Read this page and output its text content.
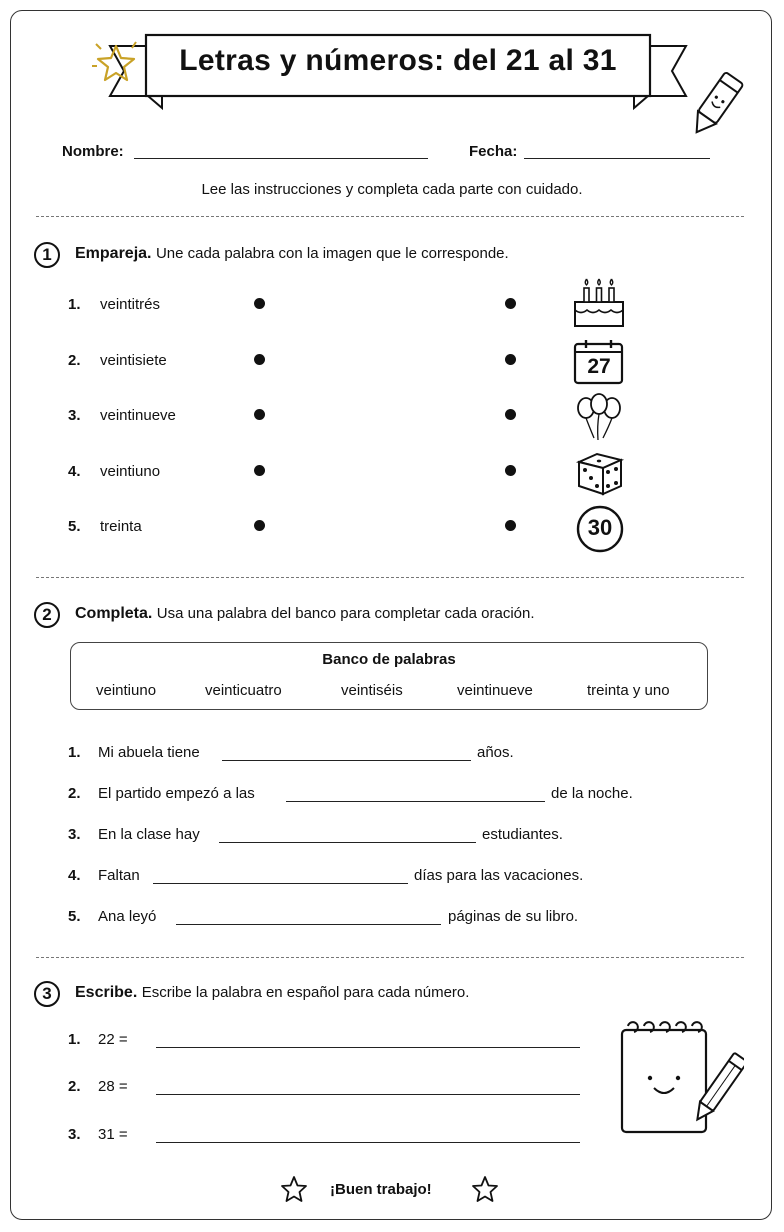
Letras y números: del 21 al 31
Nombre:	Fecha:
Lee las instrucciones y completa cada parte con cuidado.
1	Empareja. Une cada palabra con la imagen que le corresponde.
1. veintitrés
2. veintisiete
3. veintinueve
4. veintiuno
5. treinta
27
30
2	Completa. Usa una palabra del banco para completar cada oración.
Banco de palabras
veintiuno	veinticuatro	veintiséis	veintinueve	treinta y uno
1. Mi abuela tiene	años.
2. El partido empezó a las	de la noche.
3. En la clase hay	estudiantes.
4. Faltan	días para las vacaciones.
5. Ana leyó	páginas de su libro.
3	Escribe. Escribe la palabra en español para cada número.
1. 22 =
2. 28 =
3. 31 =
¡Buen trabajo!
